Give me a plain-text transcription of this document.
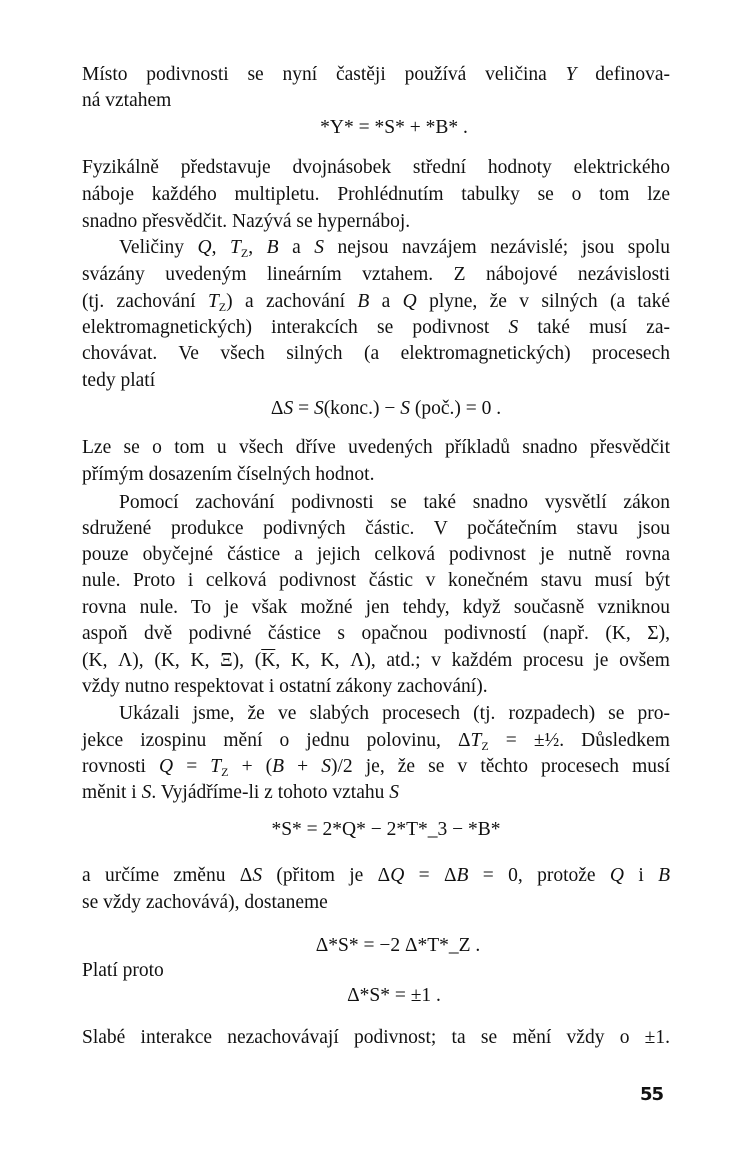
Místo podivnosti se nyní častěji používá veličina Y definova-
ná vztahem
*Y* = *S* + *B* .
Fyzikálně představuje dvojnásobek střední hodnoty elektrického
náboje každého multipletu. Prohlédnutím tabulky se o tom lze
snadno přesvědčit. Nazývá se hypernáboj.
Veličiny Q, $T_Z$, B a S nejsou navzájem nezávislé; jsou spolu
svázány uvedeným lineárním vztahem. Z nábojové nezávislosti
(tj. zachování $T_Z$) a zachování B a Q plyne, že v silných (a také
elektromagnetických) interakcích se podivnost S také musí za-
chovávat. Ve všech silných (a elektromagnetických) procesech
tedy platí
ΔS = S(konc.) − S (poč.) = 0 .
Lze se o tom u všech dříve uvedených příkladů snadno přesvědčit
přímým dosazením číselných hodnot.
Pomocí zachování podivnosti se také snadno vysvětlí zákon
sdružené produkce podivných částic. V počátečním stavu jsou
pouze obyčejné částice a jejich celková podivnost je nutně rovna
nule. Proto i celková podivnost částic v konečném stavu musí být
rovna nule. To je však možné jen tehdy, když současně vzniknou
aspoň dvě podivné částice s opačnou podivností (např. (K, Σ),
(K, Λ), (K, K, Ξ), ($\overline{K}$, K, K, Λ), atd.; v každém procesu je ovšem
vždy nutno respektovat i ostatní zákony zachování).
Ukázali jsme, že ve slabých procesech (tj. rozpadech) se pro-
jekce izospinu mění o jednu polovinu, $\Delta T_Z$ = ±½. Důsledkem
rovnosti $Q = T_Z + (B + S)/2$ je, že se v těchto procesech musí
měnit i S. Vyjádříme-li z tohoto vztahu S
*S* = 2*Q* − 2*T*_3 − *B*
a určíme změnu ΔS (přitom je ΔQ = ΔB = 0, protože Q i B
se vždy zachovává), dostaneme
Δ*S* = −2 Δ*T*_Z .
Platí proto
Δ*S* = ±1 .
Slabé interakce nezachovávají podivnost; ta se mění vždy o ±1.
55
